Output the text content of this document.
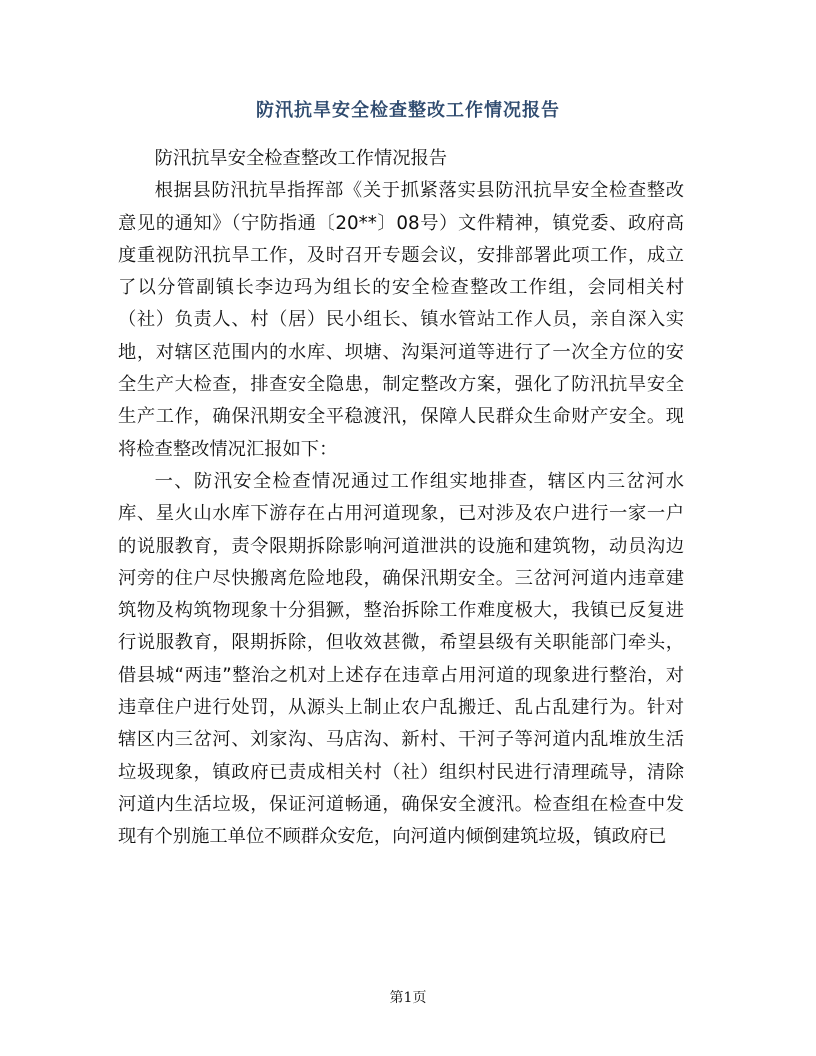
防汛抗旱安全检查整改工作情况报告

防汛抗旱安全检查整改工作情况报告

根据县防汛抗旱指挥部《关于抓紧落实县防汛抗旱安全检查整改意见的通知》（宁防指通〔20**〕08号）文件精神，镇党委、政府高度重视防汛抗旱工作，及时召开专题会议，安排部署此项工作，成立了以分管副镇长李边玛为组长的安全检查整改工作组，会同相关村（社）负责人、村（居）民小组长、镇水管站工作人员，亲自深入实地，对辖区范围内的水库、坝塘、沟渠河道等进行了一次全方位的安全生产大检查，排查安全隐患，制定整改方案，强化了防汛抗旱安全生产工作，确保汛期安全平稳渡汛，保障人民群众生命财产安全。现将检查整改情况汇报如下：

一、防汛安全检查情况通过工作组实地排查，辖区内三岔河水库、星火山水库下游存在占用河道现象，已对涉及农户进行一家一户的说服教育，责令限期拆除影响河道泄洪的设施和建筑物，动员沟边河旁的住户尽快搬离危险地段，确保汛期安全。三岔河河道内违章建筑物及构筑物现象十分猖獗，整治拆除工作难度极大，我镇已反复进行说服教育，限期拆除，但收效甚微，希望县级有关职能部门牵头，借县城“两违”整治之机对上述存在违章占用河道的现象进行整治，对违章住户进行处罚，从源头上制止农户乱搬迁、乱占乱建行为。针对辖区内三岔河、刘家沟、马店沟、新村、干河子等河道内乱堆放生活垃圾现象，镇政府已责成相关村（社）组织村民进行清理疏导，清除河道内生活垃圾，保证河道畅通，确保安全渡汛。检查组在检查中发现有个别施工单位不顾群众安危，向河道内倾倒建筑垃圾，镇政府已

第1页
